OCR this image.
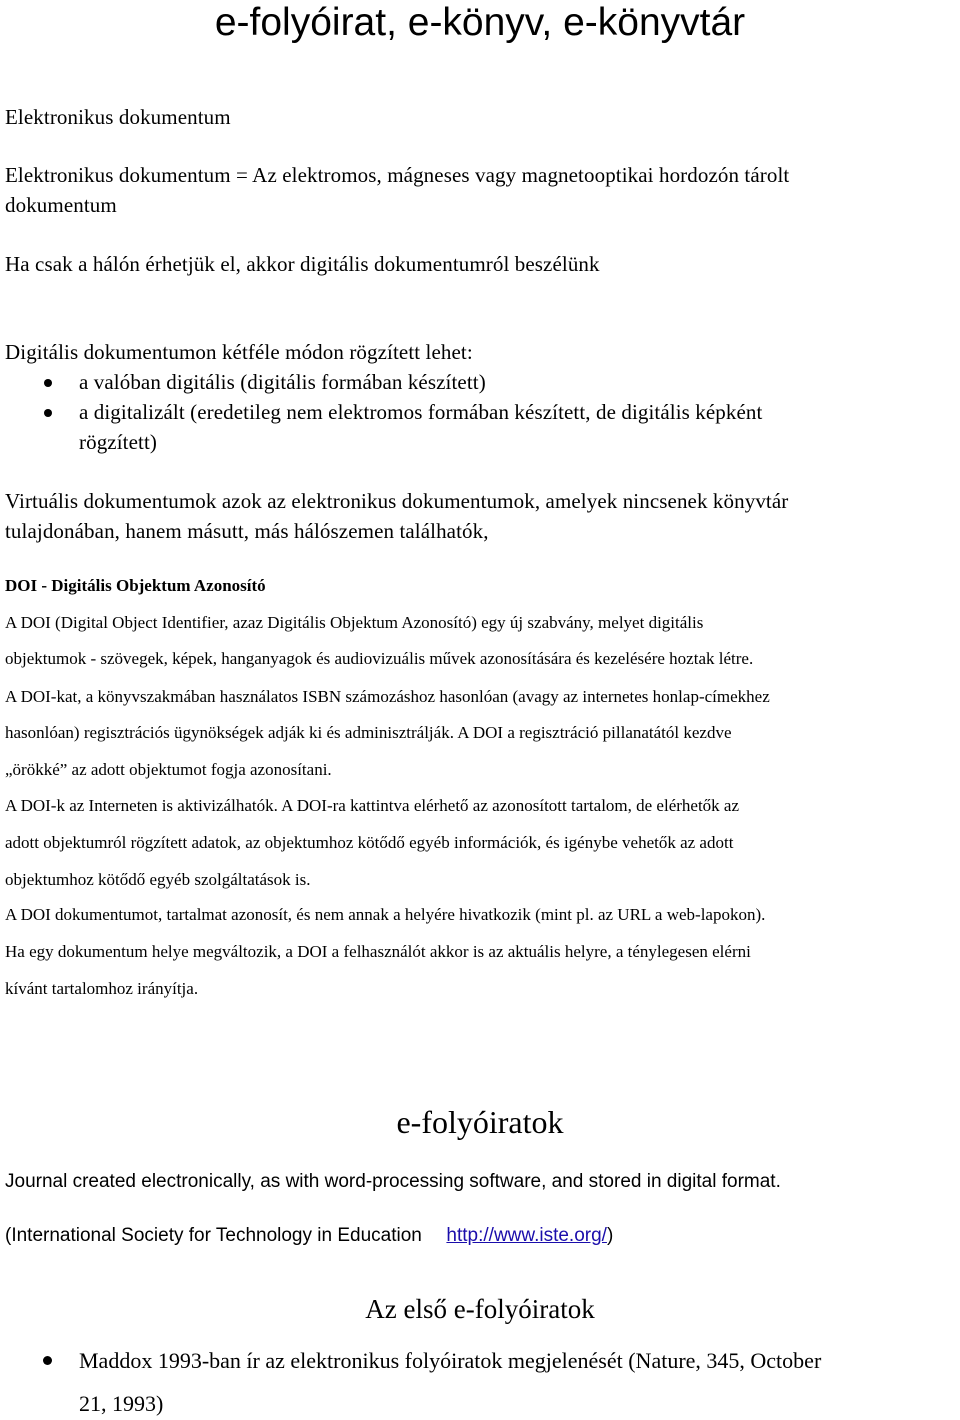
e-folyóirat, e-könyv, e-könyvtár
Elektronikus dokumentum
Elektronikus dokumentum = Az elektromos, mágneses vagy magnetooptikai hordozón tárolt
dokumentum
Ha csak a hálón érhetjük el, akkor digitális dokumentumról beszélünk
Digitális dokumentumon kétféle módon rögzített lehet:
a valóban digitális (digitális formában készített)
a digitalizált (eredetileg nem elektromos formában készített, de digitális képként
rögzített)
Virtuális dokumentumok azok az elektronikus dokumentumok, amelyek nincsenek könyvtár
tulajdonában, hanem másutt, más hálószemen találhatók,
DOI - Digitális Objektum Azonosító
A DOI (Digital Object Identifier, azaz Digitális Objektum Azonosító) egy új szabvány, melyet digitális
objektumok - szövegek, képek, hanganyagok és audiovizuális művek azonosítására és kezelésére hoztak létre.
A DOI-kat, a könyvszakmában használatos ISBN számozáshoz hasonlóan (avagy az internetes honlap-címekhez
hasonlóan) regisztrációs ügynökségek adják ki és adminisztrálják. A DOI a regisztráció pillanatától kezdve
„örökké” az adott objektumot fogja azonosítani.
A DOI-k az Interneten is aktivizálhatók. A DOI-ra kattintva elérhető az azonosított tartalom, de elérhetők az
adott objektumról rögzített adatok, az objektumhoz kötődő egyéb információk, és igénybe vehetők az adott
objektumhoz kötődő egyéb szolgáltatások is.
A DOI dokumentumot, tartalmat azonosít, és nem annak a helyére hivatkozik (mint pl. az URL a web-lapokon).
Ha egy dokumentum helye megváltozik, a DOI a felhasználót akkor is az aktuális helyre, a ténylegesen elérni
kívánt tartalomhoz irányítja.
e-folyóiratok
Journal created electronically, as with word-processing software, and stored in digital format.
(International Society for Technology in Education http://www.iste.org/)
Az első e-folyóiratok
Maddox 1993-ban ír az elektronikus folyóiratok megjelenését (Nature, 345, October
21, 1993)
